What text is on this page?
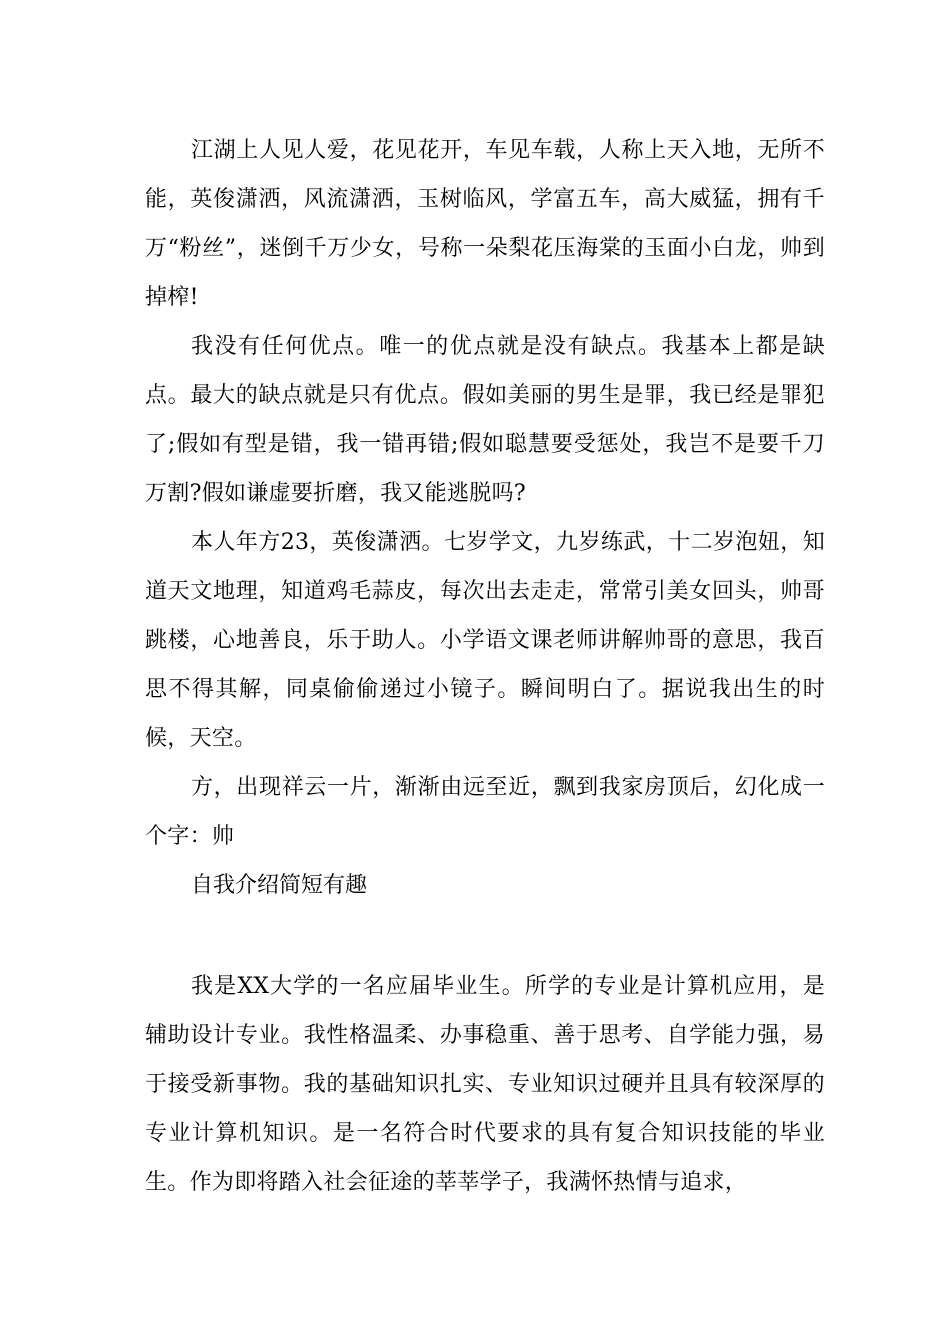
江湖上人见人爱，花见花开，车见车载，人称上天入地，无所不能，英俊潇洒，风流潇洒，玉树临风，学富五车，高大威猛，拥有千万“粉丝”，迷倒千万少女，号称一朵梨花压海棠的玉面小白龙，帅到掉榨!

我没有任何优点。唯一的优点就是没有缺点。我基本上都是缺点。最大的缺点就是只有优点。假如美丽的男生是罪，我已经是罪犯了;假如有型是错，我一错再错;假如聪慧要受惩处，我岂不是要千刀万割?假如谦虚要折磨，我又能逃脱吗?

本人年方23，英俊潇洒。七岁学文，九岁练武，十二岁泡妞，知道天文地理，知道鸡毛蒜皮，每次出去走走，常常引美女回头，帅哥跳楼，心地善良，乐于助人。小学语文课老师讲解帅哥的意思，我百思不得其解，同桌偷偷递过小镜子。瞬间明白了。据说我出生的时候，天空。

方，出现祥云一片，渐渐由远至近，飘到我家房顶后，幻化成一个字：帅

自我介绍简短有趣

我是XX大学的一名应届毕业生。所学的专业是计算机应用，是辅助设计专业。我性格温柔、办事稳重、善于思考、自学能力强，易于接受新事物。我的基础知识扎实、专业知识过硬并且具有较深厚的专业计算机知识。是一名符合时代要求的具有复合知识技能的毕业生。作为即将踏入社会征途的莘莘学子，我满怀热情与追求，
